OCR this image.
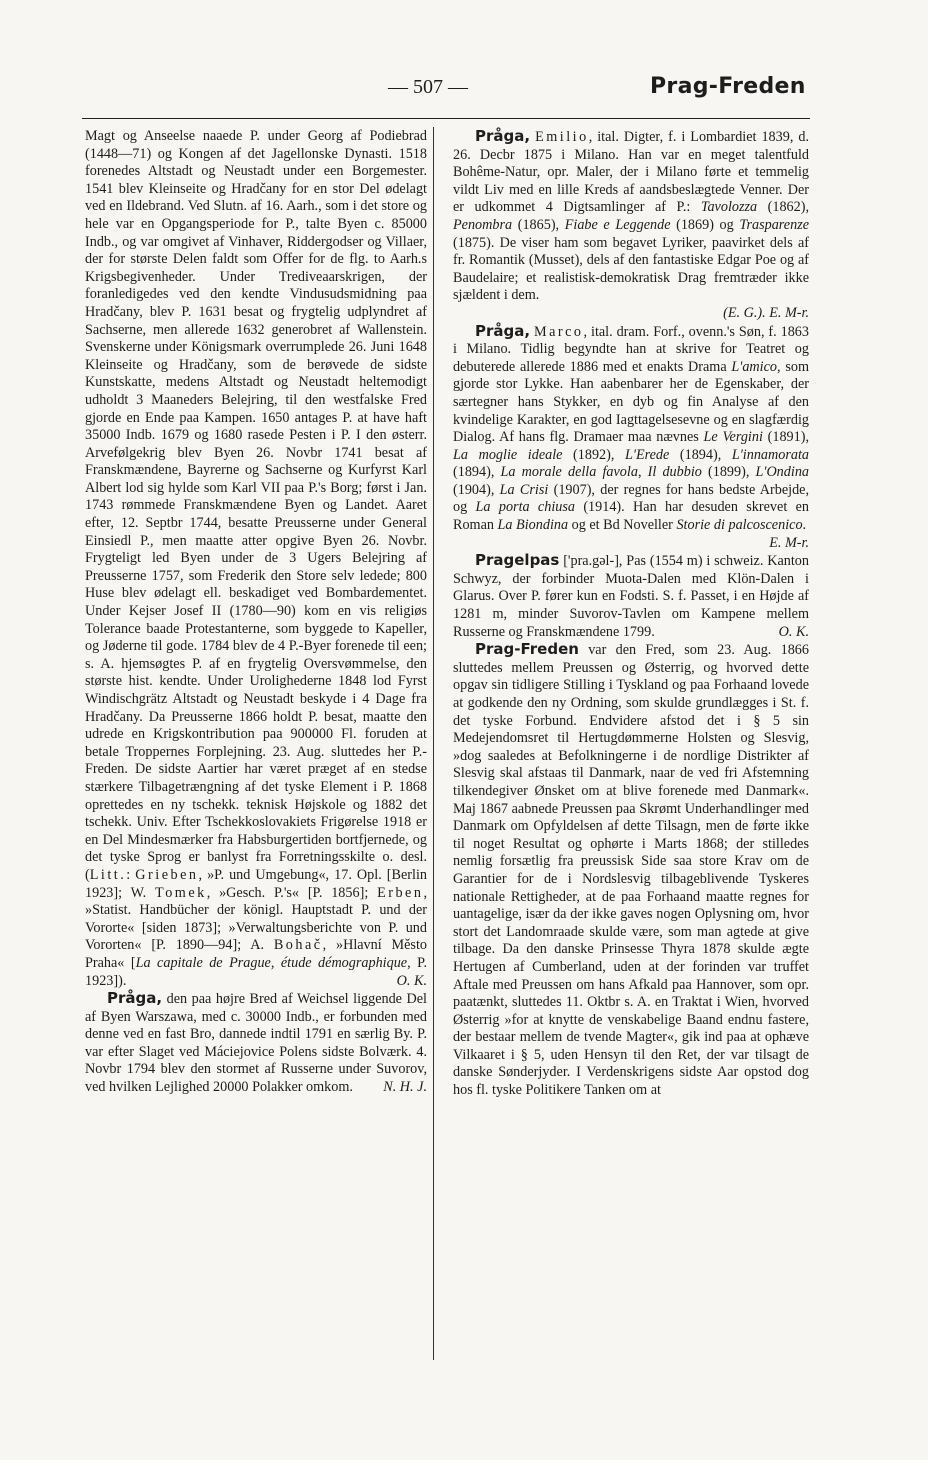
— 507 —	Prag-Freden

Magt og Anseelse naaede P. under Georg af Podiebrad (1448—71) og Kongen af det Jagellonske Dynasti. 1518 forenedes Altstadt og Neustadt under een Borgemester. 1541 blev Kleinseite og Hradčany for en stor Del ødelagt ved en Ildebrand. Ved Slutn. af 16. Aarh., som i det store og hele var en Opgangsperiode for P., talte Byen c. 85000 Indb., og var omgivet af Vinhaver, Riddergodser og Villaer, der for største Delen faldt som Offer for de flg. to Aarh.s Krigsbegivenheder. Under Trediveaarskrigen, der foranledigedes ved den kendte Vindusudsmidning paa Hradčany, blev P. 1631 besat og frygtelig udplyndret af Sachserne, men allerede 1632 generobret af Wallenstein. Svenskerne under Königsmark overrumplede 26. Juni 1648 Kleinseite og Hradčany, som de berøvede de sidste Kunstskatte, medens Altstadt og Neustadt heltemodigt udholdt 3 Maaneders Belejring, til den westfalske Fred gjorde en Ende paa Kampen. 1650 antages P. at have haft 35000 Indb. 1679 og 1680 rasede Pesten i P. I den østerr. Arvefølgekrig blev Byen 26. Novbr 1741 besat af Franskmændene, Bayrerne og Sachserne og Kurfyrst Karl Albert lod sig hylde som Karl VII paa P.'s Borg; først i Jan. 1743 rømmede Franskmændene Byen og Landet. Aaret efter, 12. Septbr 1744, besatte Preusserne under General Einsiedl P., men maatte atter opgive Byen 26. Novbr. Frygteligt led Byen under de 3 Ugers Belejring af Preusserne 1757, som Frederik den Store selv ledede; 800 Huse blev ødelagt ell. beskadiget ved Bombardementet. Under Kejser Josef II (1780—90) kom en vis religiøs Tolerance baade Protestanterne, som byggede to Kapeller, og Jøderne til gode. 1784 blev de 4 P.-Byer forenede til een; s. A. hjemsøgtes P. af en frygtelig Oversvømmelse, den største hist. kendte. Under Urolighederne 1848 lod Fyrst Windischgrätz Altstadt og Neustadt beskyde i 4 Dage fra Hradčany. Da Preusserne 1866 holdt P. besat, maatte den udrede en Krigskontribution paa 900000 Fl. foruden at betale Troppernes Forplejning. 23. Aug. sluttedes her P.-Freden. De sidste Aartier har været præget af en stedse stærkere Tilbagetrængning af det tyske Element i P. 1868 oprettedes en ny tschekk. teknisk Højskole og 1882 det tschekk. Univ. Efter Tschekkoslovakiets Frigørelse 1918 er en Del Mindesmærker fra Habsburgertiden bortfjernede, og det tyske Sprog er banlyst fra Forretningsskilte o. desl. (Litt.: Grieben, »P. und Umgebung«, 17. Opl. [Berlin 1923]; W. Tomek, »Gesch. P.'s« [P. 1856]; Erben, »Statist. Handbücher der königl. Hauptstadt P. und der Vororte« [siden 1873]; »Verwaltungsberichte von P. und Vororten« [P. 1890—94]; A. Bohač, »Hlavní Město Praha« [La capitale de Prague, étude démographique, P. 1923]).	O. K.

Pråga, den paa højre Bred af Weichsel liggende Del af Byen Warszawa, med c. 30000 Indb., er forbunden med denne ved en fast Bro, dannede indtil 1791 en særlig By. P. var efter Slaget ved Máciejovice Polens sidste Bolværk. 4. Novbr 1794 blev den stormet af Russerne under Suvorov, ved hvilken Lejlighed 20000 Polakker omkom.	N. H. J.

Pråga, Emilio, ital. Digter, f. i Lombardiet 1839, d. 26. Decbr 1875 i Milano. Han var en meget talentfuld Bohême-Natur, opr. Maler, der i Milano førte et temmelig vildt Liv med en lille Kreds af aandsbeslægtede Venner. Der er udkommet 4 Digtsamlinger af P.: Tavolozza (1862), Penombra (1865), Fiabe e Leggende (1869) og Trasparenze (1875). De viser ham som begavet Lyriker, paavirket dels af fr. Romantik (Musset), dels af den fantastiske Edgar Poe og af Baudelaire; et realistisk-demokratisk Drag fremtræder ikke sjældent i dem.

(E. G.). E. M-r.

Pråga, Marco, ital. dram. Forf., ovenn.'s Søn, f. 1863 i Milano. Tidlig begyndte han at skrive for Teatret og debuterede allerede 1886 med et enakts Drama L'amico, som gjorde stor Lykke. Han aabenbarer her de Egenskaber, der særtegner hans Stykker, en dyb og fin Analyse af den kvindelige Karakter, en god Iagttagelsesevne og en slagfærdig Dialog. Af hans flg. Dramaer maa nævnes Le Vergini (1891), La moglie ideale (1892), L'Erede (1894), L'innamorata (1894), La morale della favola, Il dubbio (1899), L'Ondina (1904), La Crisi (1907), der regnes for hans bedste Arbejde, og La porta chiusa (1914). Han har desuden skrevet en Roman La Biondina og et Bd Noveller Storie di palcoscenico.

E. M-r.

Pragelpas ['pra.gəl-], Pas (1554 m) i schweiz. Kanton Schwyz, der forbinder Muota-Dalen med Klön-Dalen i Glarus. Over P. fører kun en Fodsti. S. f. Passet, i en Højde af 1281 m, minder Suvorov-Tavlen om Kampene mellem Russerne og Franskmændene 1799.	O. K.

Prag-Freden var den Fred, som 23. Aug. 1866 sluttedes mellem Preussen og Østerrig, og hvorved dette opgav sin tidligere Stilling i Tyskland og paa Forhaand lovede at godkende den ny Ordning, som skulde grundlægges i St. f. det tyske Forbund. Endvidere afstod det i § 5 sin Medejendomsret til Hertugdømmerne Holsten og Slesvig, »dog saaledes at Befolkningerne i de nordlige Distrikter af Slesvig skal afstaas til Danmark, naar de ved fri Afstemning tilkendegiver Ønsket om at blive forenede med Danmark«. Maj 1867 aabnede Preussen paa Skrømt Underhandlinger med Danmark om Opfyldelsen af dette Tilsagn, men de førte ikke til noget Resultat og ophørte i Marts 1868; der stilledes nemlig forsætlig fra preussisk Side saa store Krav om de Garantier for de i Nordslesvig tilbageblivende Tyskeres nationale Rettigheder, at de paa Forhaand maatte regnes for uantagelige, især da der ikke gaves nogen Oplysning om, hvor stort det Landomraade skulde være, som man agtede at give tilbage. Da den danske Prinsesse Thyra 1878 skulde ægte Hertugen af Cumberland, uden at der forinden var truffet Aftale med Preussen om hans Afkald paa Hannover, som opr. paatænkt, sluttedes 11. Oktbr s. A. en Traktat i Wien, hvorved Østerrig »for at knytte de venskabelige Baand endnu fastere, der bestaar mellem de tvende Magter«, gik ind paa at ophæve Vilkaaret i § 5, uden Hensyn til den Ret, der var tilsagt de danske Sønderjyder. I Verdenskrigens sidste Aar opstod dog hos fl. tyske Politikere Tanken om at
